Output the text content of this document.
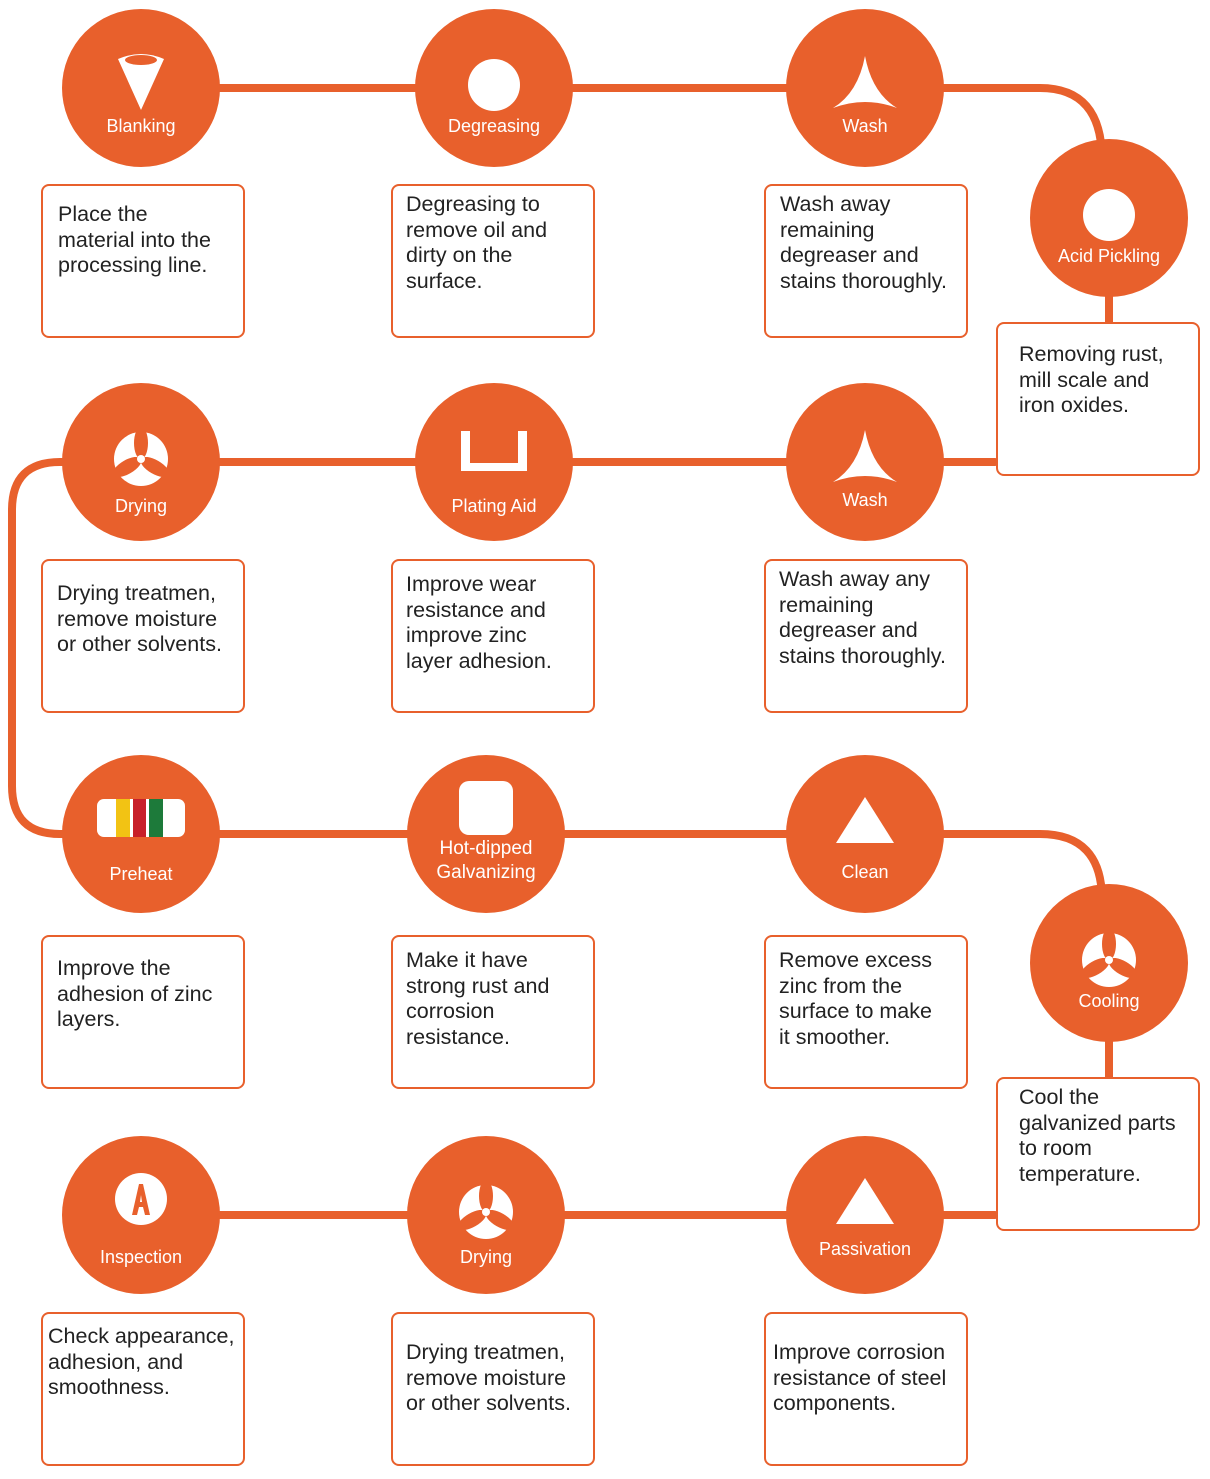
Place the
material into the
processing line.
Blanking
Degreasing to
remove oil and
dirty on the
surface.
Degreasing
Wash away
remaining
degreaser and
stains thoroughly.
Wash
Removing rust,
mill scale and
iron oxides.
Acid Pickling
Wash away any
remaining
degreaser and
stains thoroughly.
Wash
Improve wear
resistance and
improve zinc
layer adhesion.
Plating Aid
Drying treatmen,
remove moisture
or other solvents.
Drying
Improve the
adhesion of zinc
layers.
Preheat
Make it have
strong rust and
corrosion
resistance.
Hot-dipped
Galvanizing
Remove excess
zinc from the
surface to make
it smoother.
Clean
Cool the
galvanized parts
to room
temperature.
Cooling
Improve corrosion
resistance of steel
components.
Passivation
Drying treatmen,
remove moisture
or other solvents.
Drying
Check appearance,
adhesion, and
smoothness.
Inspection
